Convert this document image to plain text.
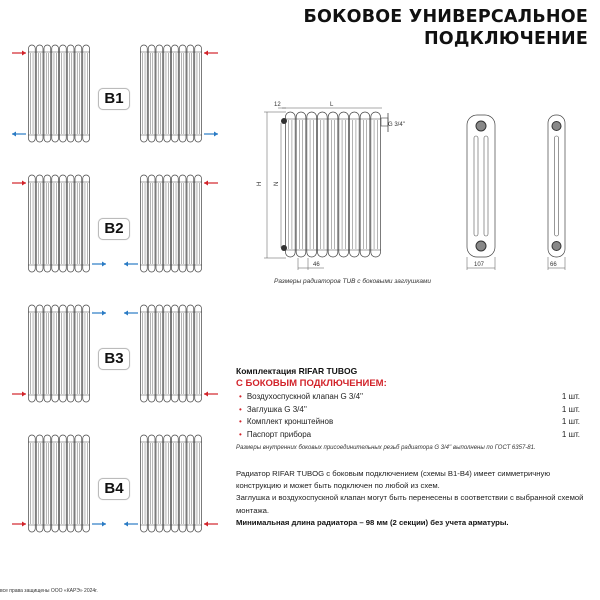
БОКОВОЕ УНИВЕРСАЛЬНОЕ
ПОДКЛЮЧЕНИЕ
12	L
G 3/4''
H N
46	107	66
B1
B2
B3
B4
Размеры радиаторов TUB с боковыми заглушками
Комплектация RIFAR TUBOG
С БОКОВЫМ ПОДКЛЮЧЕНИЕМ:
• Воздухоспускной клапан G 3/4''	1 шт.
• Заглушка G 3/4''	1 шт.
• Комплект кронштейнов	1 шт.
• Паспорт прибора	1 шт.
Размеры внутренних боковых присоединительных резьб радиатора G 3/4'' выполнены по ГОСТ 6357-81.
Радиатор RIFAR TUBOG с боковым подключением (схемы B1-B4) имеет симметричную конструкцию и может быть подключен по любой из схем.
Заглушка и воздухоспускной клапан могут быть перенесены в соответствии с выбранной схемой монтажа.
Минимальная длина радиатора – 98 мм (2 секции) без учета арматуры.
все права защищены ООО «КАРЭ» 2024г.
